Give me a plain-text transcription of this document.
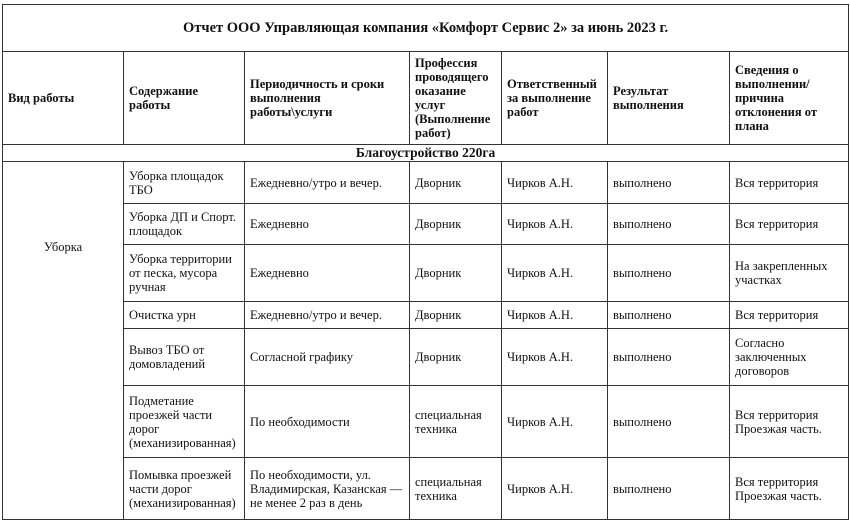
Отчет ООО Управляющая компания «Комфорт Сервис 2» за июнь 2023 г.						
Вид работы	Содержание работы	Периодичность и сроки выполнения работы\услуги	Профессия проводящего оказание услуг (Выполнение работ)	Ответственный за выполнение работ	Результат выполнения	Сведения о выполнении/ причина отклонения от плана
Благоустройство 220га						
Уборка	Уборка площадок ТБО	Ежедневно/утро и вечер.	Дворник	Чирков А.Н.	выполнено	Вся территория
	Уборка ДП и Спорт. площадок	Ежедневно	Дворник	Чирков А.Н.	выполнено	Вся территория
	Уборка территории от песка, мусора ручная	Ежедневно	Дворник	Чирков А.Н.	выполнено	На закрепленных участках
	Очистка урн	Ежедневно/утро и вечер.	Дворник	Чирков А.Н.	выполнено	Вся территория
	Вывоз ТБО от домовладений	Согласной графику	Дворник	Чирков А.Н.	выполнено	Согласно заключенных договоров
	Подметание проезжей части дорог (механизированная)	По необходимости	специальная техника	Чирков А.Н.	выполнено	Вся территория Проезжая часть.
	Помывка проезжей части дорог (механизированная)	По необходимости, ул. Владимирская, Казанская — не менее 2 раз в день	специальная техника	Чирков А.Н.	выполнено	Вся территория Проезжая часть.
